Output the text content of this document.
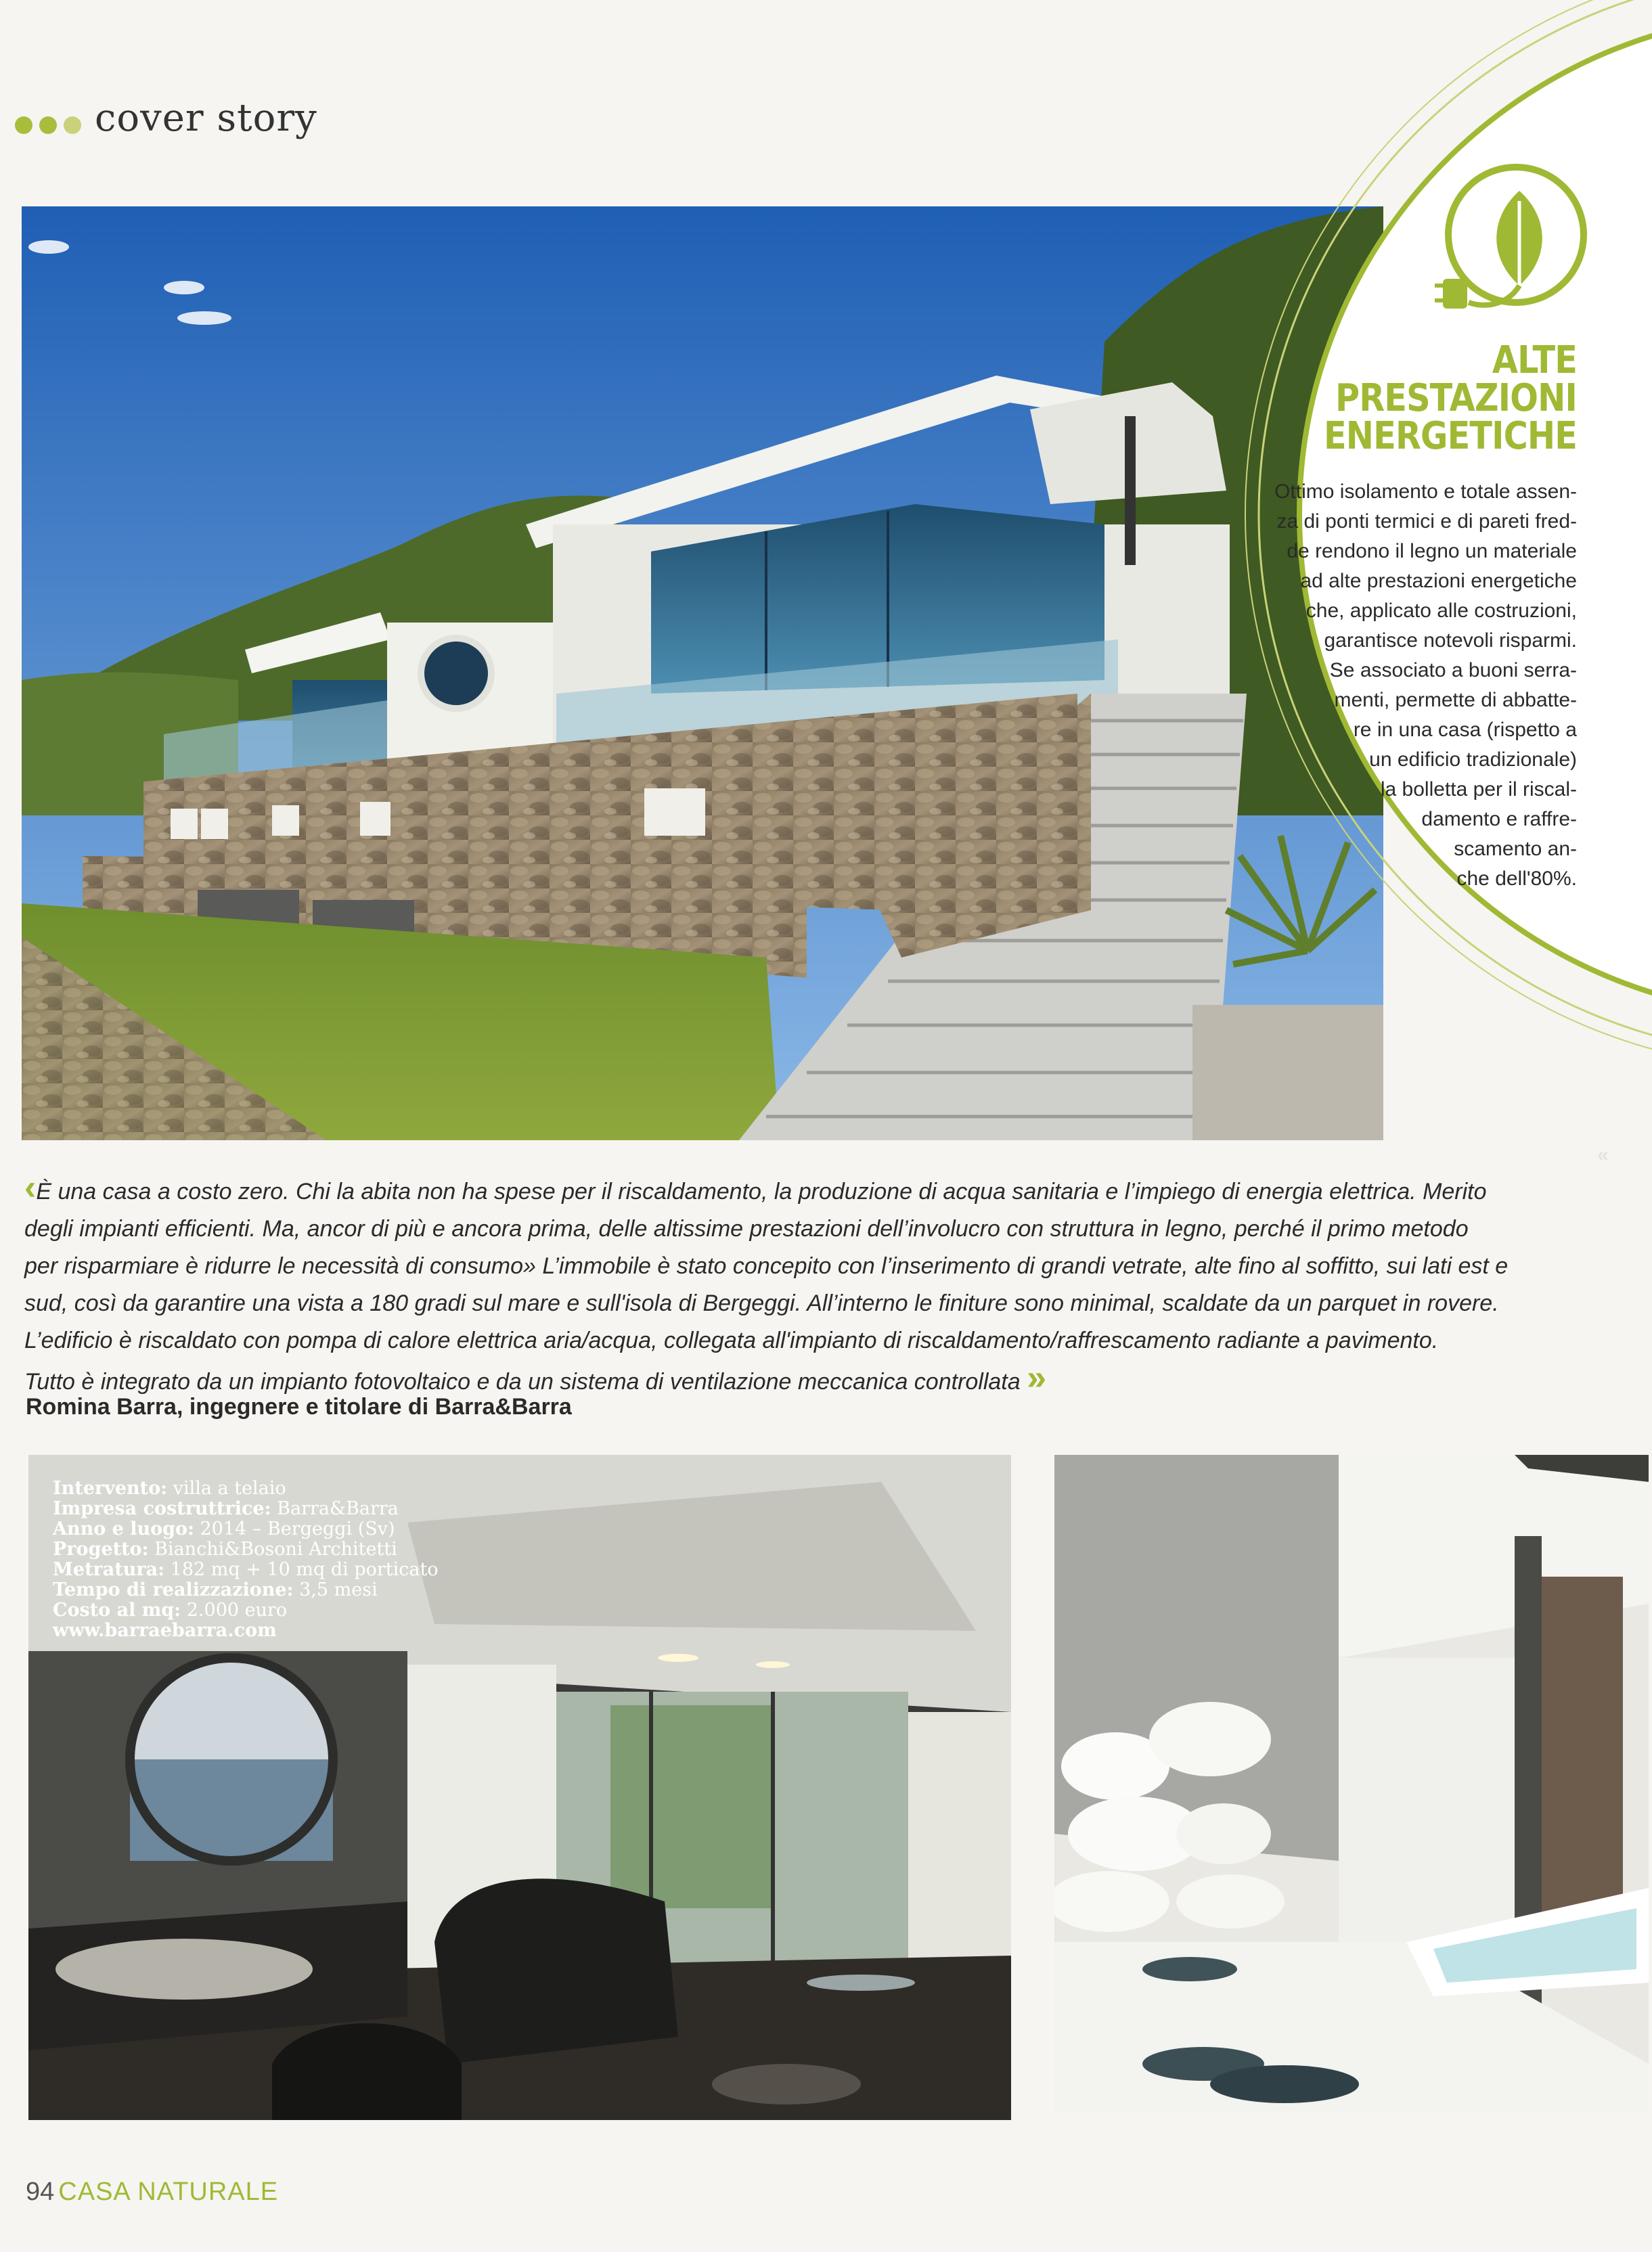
cover story
ALTE
PRESTAZIONI
ENERGETICHE
Ottimo isolamento e totale assen-
za di ponti termici e di pareti fred-
de rendono il legno un materiale
ad alte prestazioni energetiche
che, applicato alle costruzioni,
garantisce notevoli risparmi.
Se associato a buoni serra-
menti, permette di abbatte-
re in una casa (rispetto a
un edificio tradizionale)
la bolletta per il riscal-
damento e raffre-
scamento an-
che dell'80%.
‹È una casa a costo zero. Chi la abita non ha spese per il riscaldamento, la produzione di acqua sanitaria e l’impiego di energia elettrica. Merito
degli impianti efficienti. Ma, ancor di più e ancora prima, delle altissime prestazioni dell’involucro con struttura in legno, perché il primo metodo
per risparmiare è ridurre le necessità di consumo» L’immobile è stato concepito con l’inserimento di grandi vetrate, alte fino al soffitto, sui lati est e
sud, così da garantire una vista a 180 gradi sul mare e sull'isola di Bergeggi. All’interno le finiture sono minimal, scaldate da un parquet in rovere.
L’edificio è riscaldato con pompa di calore elettrica aria/acqua, collegata all'impianto di riscaldamento/raffrescamento radiante a pavimento.
Tutto è integrato da un impianto fotovoltaico e da un sistema di ventilazione meccanica controllata »
Romina Barra, ingegnere e titolare di Barra&Barra
Intervento: villa a telaio
Impresa costruttrice: Barra&Barra
Anno e luogo: 2014 – Bergeggi (Sv)
Progetto: Bianchi&Bosoni Architetti
Metratura: 182 mq + 10 mq di porticato
Tempo di realizzazione: 3,5 mesi
Costo al mq: 2.000 euro
www.barraebarra.com
«
94 CASA NATURALE
